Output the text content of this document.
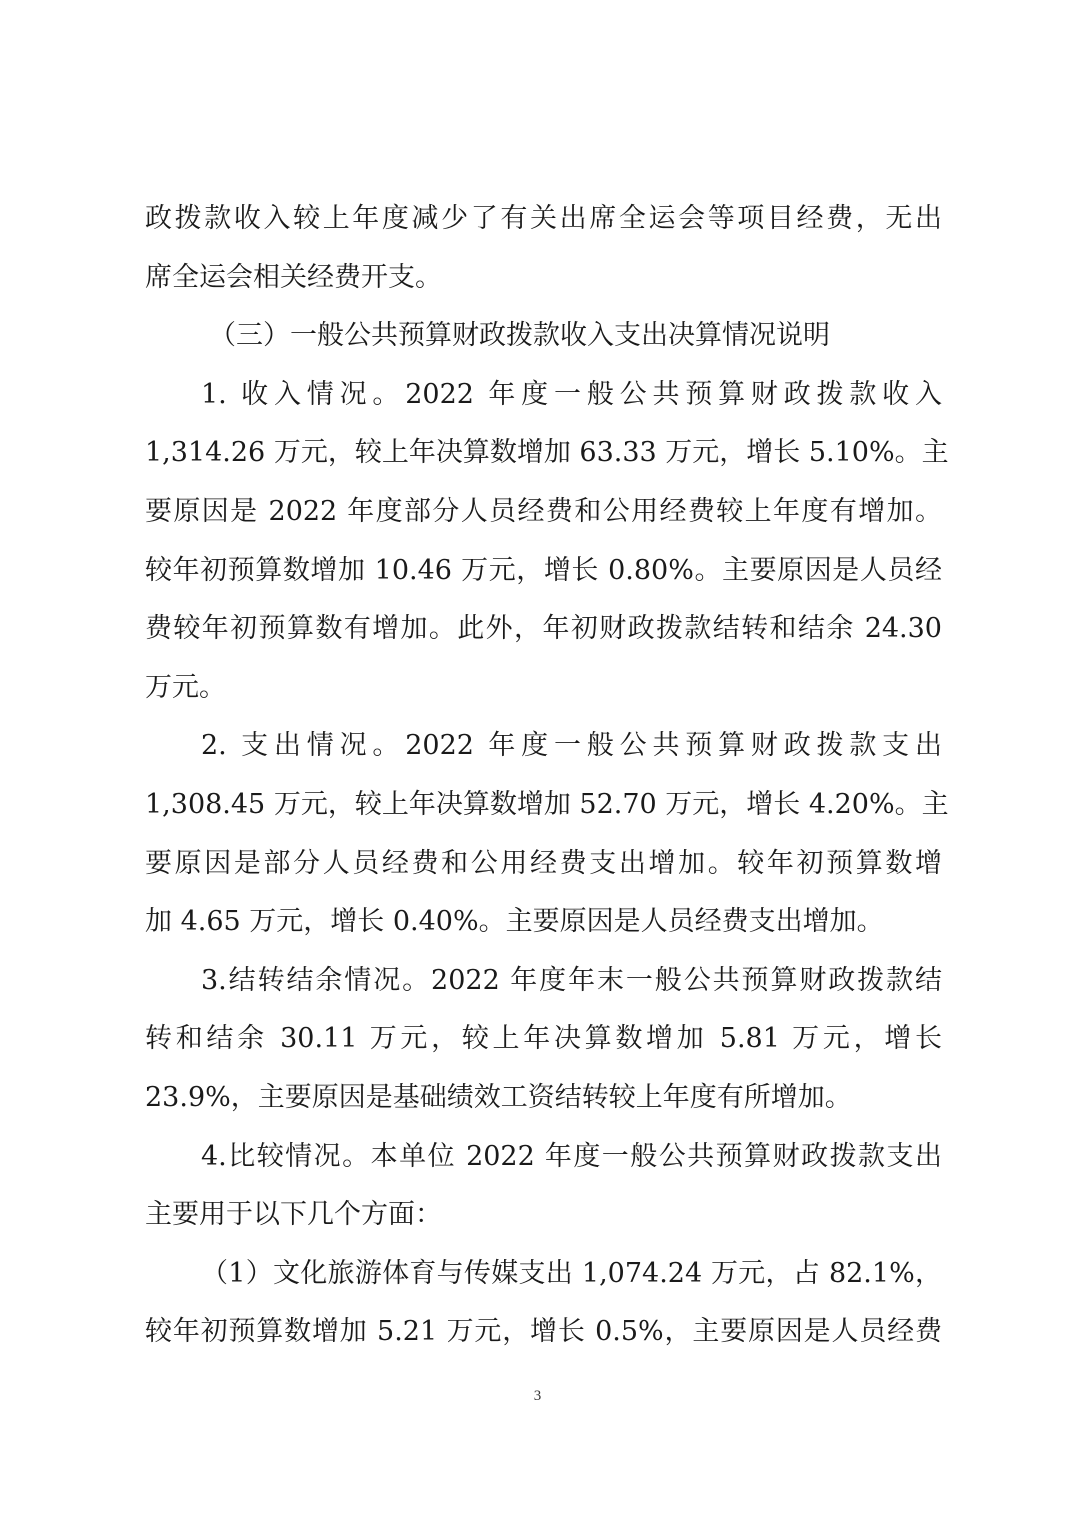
政拨款收入较上年度减少了有关出席全运会等项目经费，无出
席全运会相关经费开支。
（三）一般公共预算财政拨款收入支出决算情况说明
1. 收入情况。2022 年度一般公共预算财政拨款收入
1,314.26 万元，较上年决算数增加 63.33 万元，增长 5.10%。主
要原因是 2022 年度部分人员经费和公用经费较上年度有增加。
较年初预算数增加 10.46 万元，增长 0.80%。主要原因是人员经
费较年初预算数有增加。此外，年初财政拨款结转和结余 24.30
万元。
2. 支出情况。2022 年度一般公共预算财政拨款支出
1,308.45 万元，较上年决算数增加 52.70 万元，增长 4.20%。主
要原因是部分人员经费和公用经费支出增加。较年初预算数增
加 4.65 万元，增长 0.40%。主要原因是人员经费支出增加。
3.结转结余情况。2022 年度年末一般公共预算财政拨款结
转和结余 30.11 万元，较上年决算数增加 5.81 万元，增长
23.9%，主要原因是基础绩效工资结转较上年度有所增加。
4.比较情况。本单位 2022 年度一般公共预算财政拨款支出
主要用于以下几个方面：
（1）文化旅游体育与传媒支出 1,074.24 万元，占 82.1%，
较年初预算数增加 5.21 万元，增长 0.5%，主要原因是人员经费
3
